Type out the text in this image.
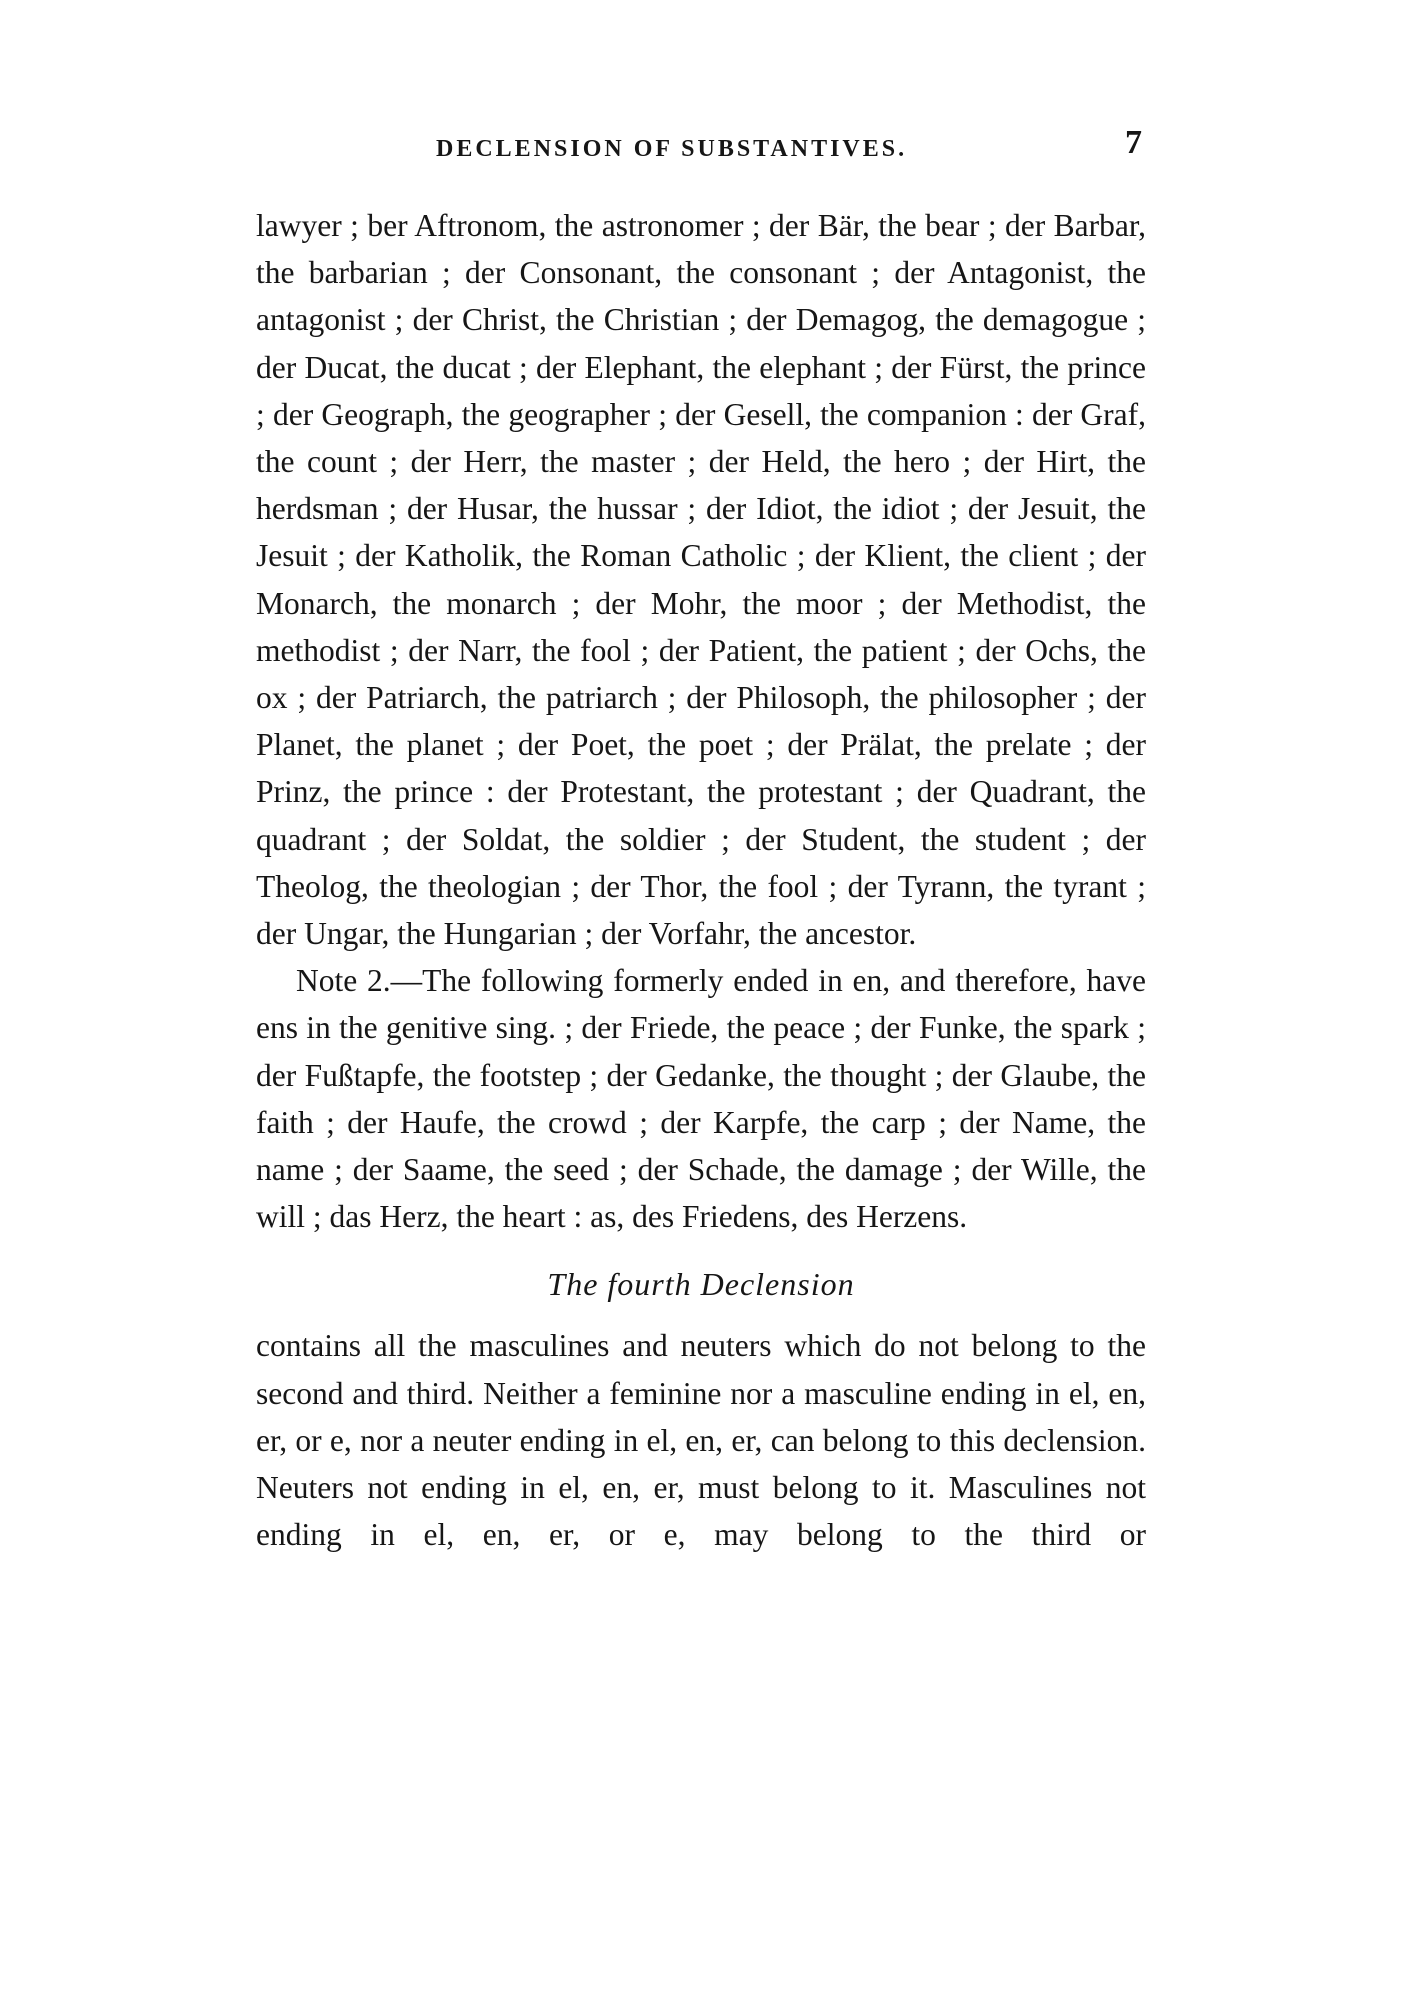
DECLENSION OF SUBSTANTIVES.	7

lawyer ; ber Aftronom, the astronomer ; der Bär, the bear ; der Barbar, the barbarian ; der Consonant, the consonant ; der Antagonist, the antagonist ; der Christ, the Christian ; der Demagog, the demagogue ; der Ducat, the ducat ; der Elephant, the elephant ; der Fürst, the prince ; der Geograph, the geographer ; der Gesell, the companion : der Graf, the count ; der Herr, the master ; der Held, the hero ; der Hirt, the herdsman ; der Husar, the hussar ; der Idiot, the idiot ; der Jesuit, the Jesuit ; der Katholik, the Roman Catholic ; der Klient, the client ; der Monarch, the monarch ; der Mohr, the moor ; der Methodist, the methodist ; der Narr, the fool ; der Patient, the patient ; der Ochs, the ox ; der Patriarch, the patriarch ; der Philosoph, the philosopher ; der Planet, the planet ; der Poet, the poet ; der Prälat, the prelate ; der Prinz, the prince : der Protestant, the protestant ; der Quadrant, the quadrant ; der Soldat, the soldier ; der Student, the student ; der Theolog, the theologian ; der Thor, the fool ; der Tyrann, the tyrant ; der Ungar, the Hungarian ; der Vorfahr, the ancestor.

Note 2.—The following formerly ended in en, and therefore, have ens in the genitive sing. ; der Friede, the peace ; der Funke, the spark ; der Fußtapfe, the footstep ; der Gedanke, the thought ; der Glaube, the faith ; der Haufe, the crowd ; der Karpfe, the carp ; der Name, the name ; der Saame, the seed ; der Schade, the damage ; der Wille, the will ; das Herz, the heart : as, des Friedens, des Herzens.

The fourth Declension

contains all the masculines and neuters which do not belong to the second and third. Neither a feminine nor a masculine ending in el, en, er, or e, nor a neuter ending in el, en, er, can belong to this declension. Neuters not ending in el, en, er, must belong to it. Masculines not ending in el, en, er, or e, may belong to the third or
